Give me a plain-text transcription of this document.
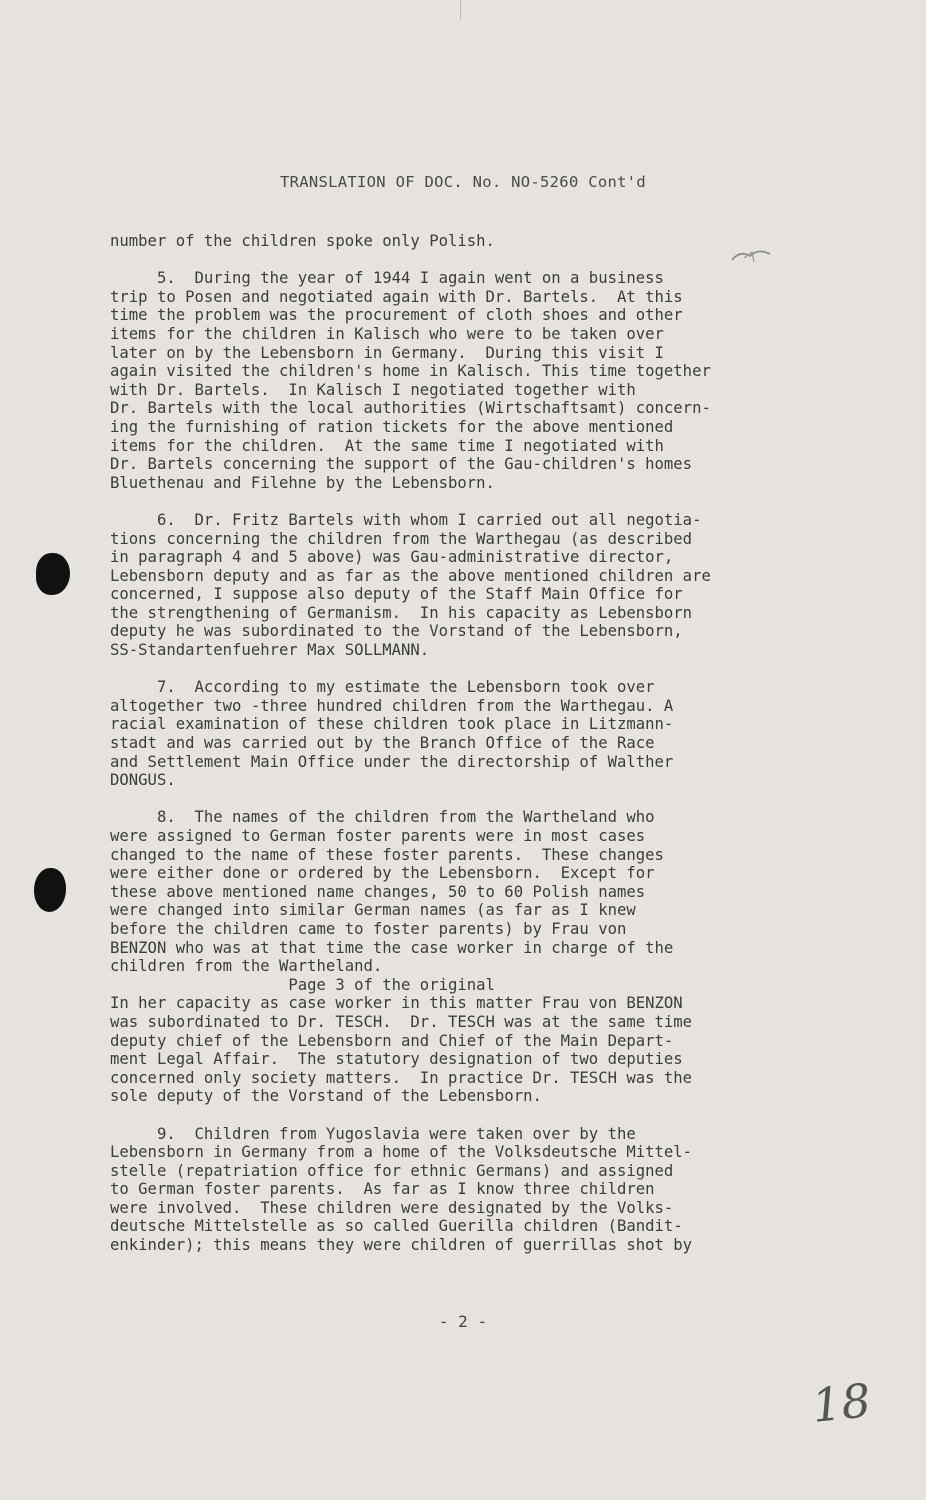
TRANSLATION OF DOC. No. NO-5260 Cont'd
number of the children spoke only Polish.
5.  During the year of 1944 I again went on a business
trip to Posen and negotiated again with Dr. Bartels.  At this
time the problem was the procurement of cloth shoes and other
items for the children in Kalisch who were to be taken over
later on by the Lebensborn in Germany.  During this visit I
again visited the children's home in Kalisch. This time together
with Dr. Bartels.  In Kalisch I negotiated together with
Dr. Bartels with the local authorities (Wirtschaftsamt) concern-
ing the furnishing of ration tickets for the above mentioned
items for the children.  At the same time I negotiated with
Dr. Bartels concerning the support of the Gau-children's homes
Bluethenau and Filehne by the Lebensborn.
6.  Dr. Fritz Bartels with whom I carried out all negotia-
tions concerning the children from the Warthegau (as described
in paragraph 4 and 5 above) was Gau-administrative director,
Lebensborn deputy and as far as the above mentioned children are
concerned, I suppose also deputy of the Staff Main Office for
the strengthening of Germanism.  In his capacity as Lebensborn
deputy he was subordinated to the Vorstand of the Lebensborn,
SS-Standartenfuehrer Max SOLLMANN.
7.  According to my estimate the Lebensborn took over
altogether two -three hundred children from the Warthegau. A
racial examination of these children took place in Litzmann-
stadt and was carried out by the Branch Office of the Race
and Settlement Main Office under the directorship of Walther
DONGUS.
8.  The names of the children from the Wartheland who
were assigned to German foster parents were in most cases
changed to the name of these foster parents.  These changes
were either done or ordered by the Lebensborn.  Except for
these above mentioned name changes, 50 to 60 Polish names
were changed into similar German names (as far as I knew
before the children came to foster parents) by Frau von
BENZON who was at that time the case worker in charge of the
children from the Wartheland.
Page 3 of the original
In her capacity as case worker in this matter Frau von BENZON
was subordinated to Dr. TESCH.  Dr. TESCH was at the same time
deputy chief of the Lebensborn and Chief of the Main Depart-
ment Legal Affair.  The statutory designation of two deputies
concerned only society matters.  In practice Dr. TESCH was the
sole deputy of the Vorstand of the Lebensborn.
9.  Children from Yugoslavia were taken over by the
Lebensborn in Germany from a home of the Volksdeutsche Mittel-
stelle (repatriation office for ethnic Germans) and assigned
to German foster parents.  As far as I know three children
were involved.  These children were designated by the Volks-
deutsche Mittelstelle as so called Guerilla children (Bandit-
enkinder); this means they were children of guerrillas shot by
- 2 -
18
